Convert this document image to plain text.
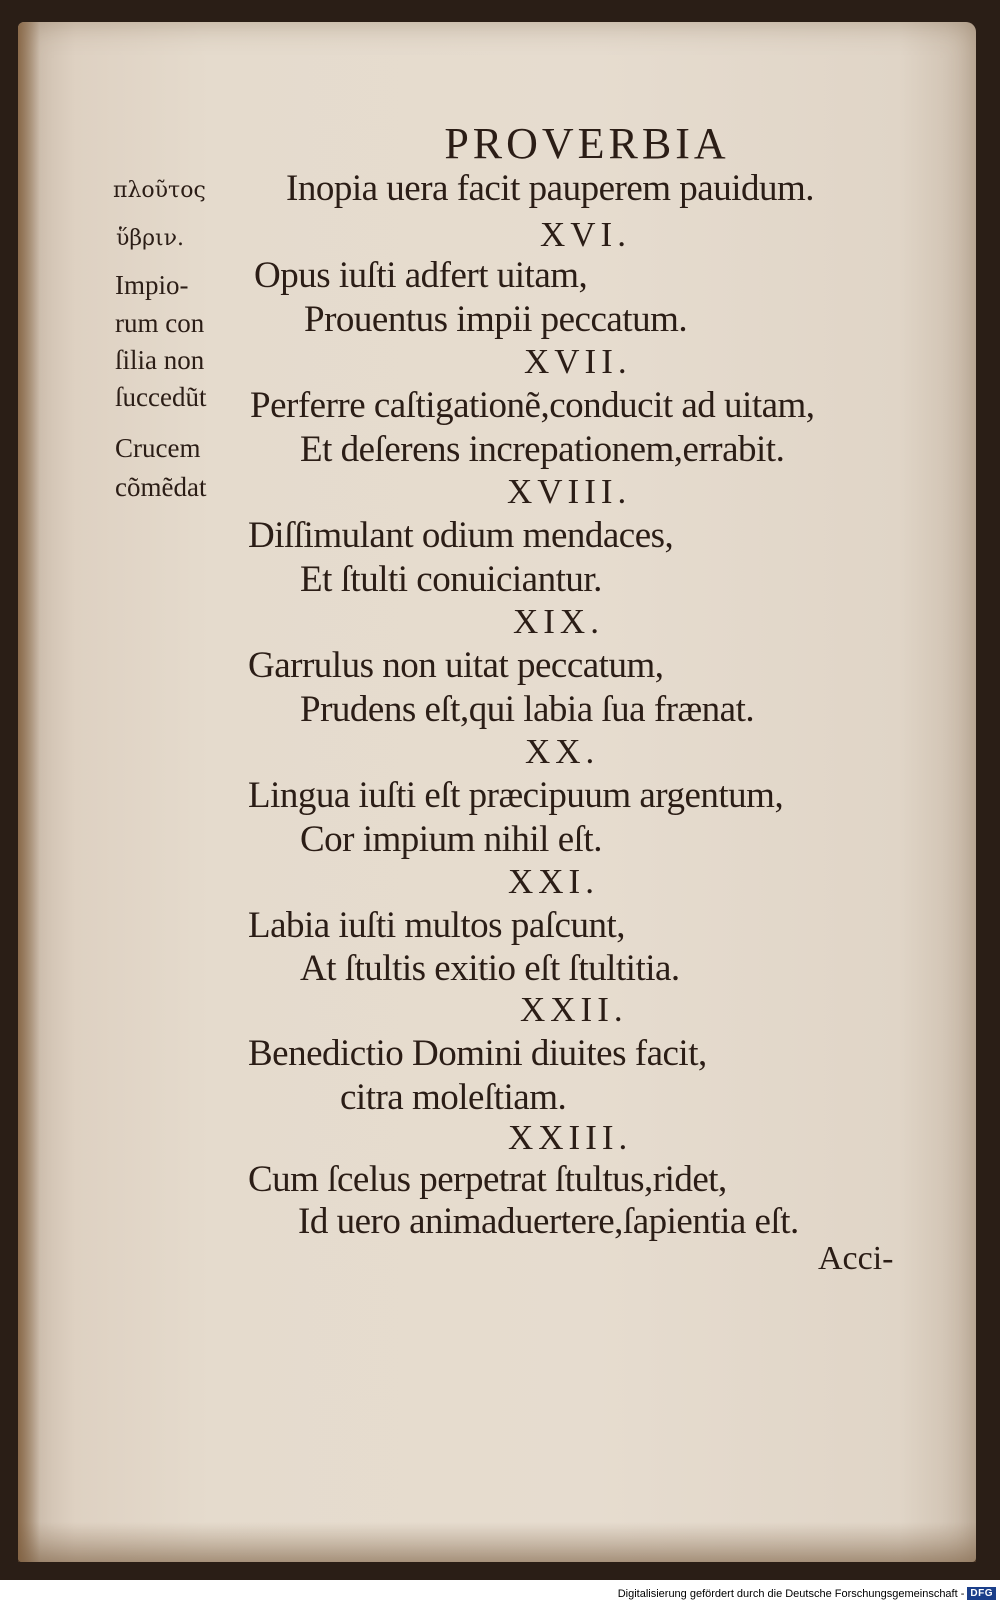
PROVERBIA
πλοῦτος
ὕβριν.
Impio-
rum con
ſilia non
ſuccedũt
Crucem
cõmẽdat
Inopia uera facit pauperem pauidum.
XVI.
Opus iuſti adfert uitam,
Prouentus impii peccatum.
XVII.
Perferre caſtigationẽ,conducit ad uitam,
Et deſerens increpationem,errabit.
XVIII.
Diſſimulant odium mendaces,
Et ſtulti conuiciantur.
XIX.
Garrulus non uitat peccatum,
Prudens eſt,qui labia ſua frænat.
XX.
Lingua iuſti eſt præcipuum argentum,
Cor impium nihil eſt.
XXI.
Labia iuſti multos paſcunt,
At ſtultis exitio eſt ſtultitia.
XXII.
Benedictio Domini diuites facit,
citra moleſtiam.
XXIII.
Cum ſcelus perpetrat ſtultus,ridet,
Id uero animaduertere,ſapientia eſt.
Acci-
Digitalisierung gefördert durch die Deutsche Forschungsgemeinschaft - DFG
